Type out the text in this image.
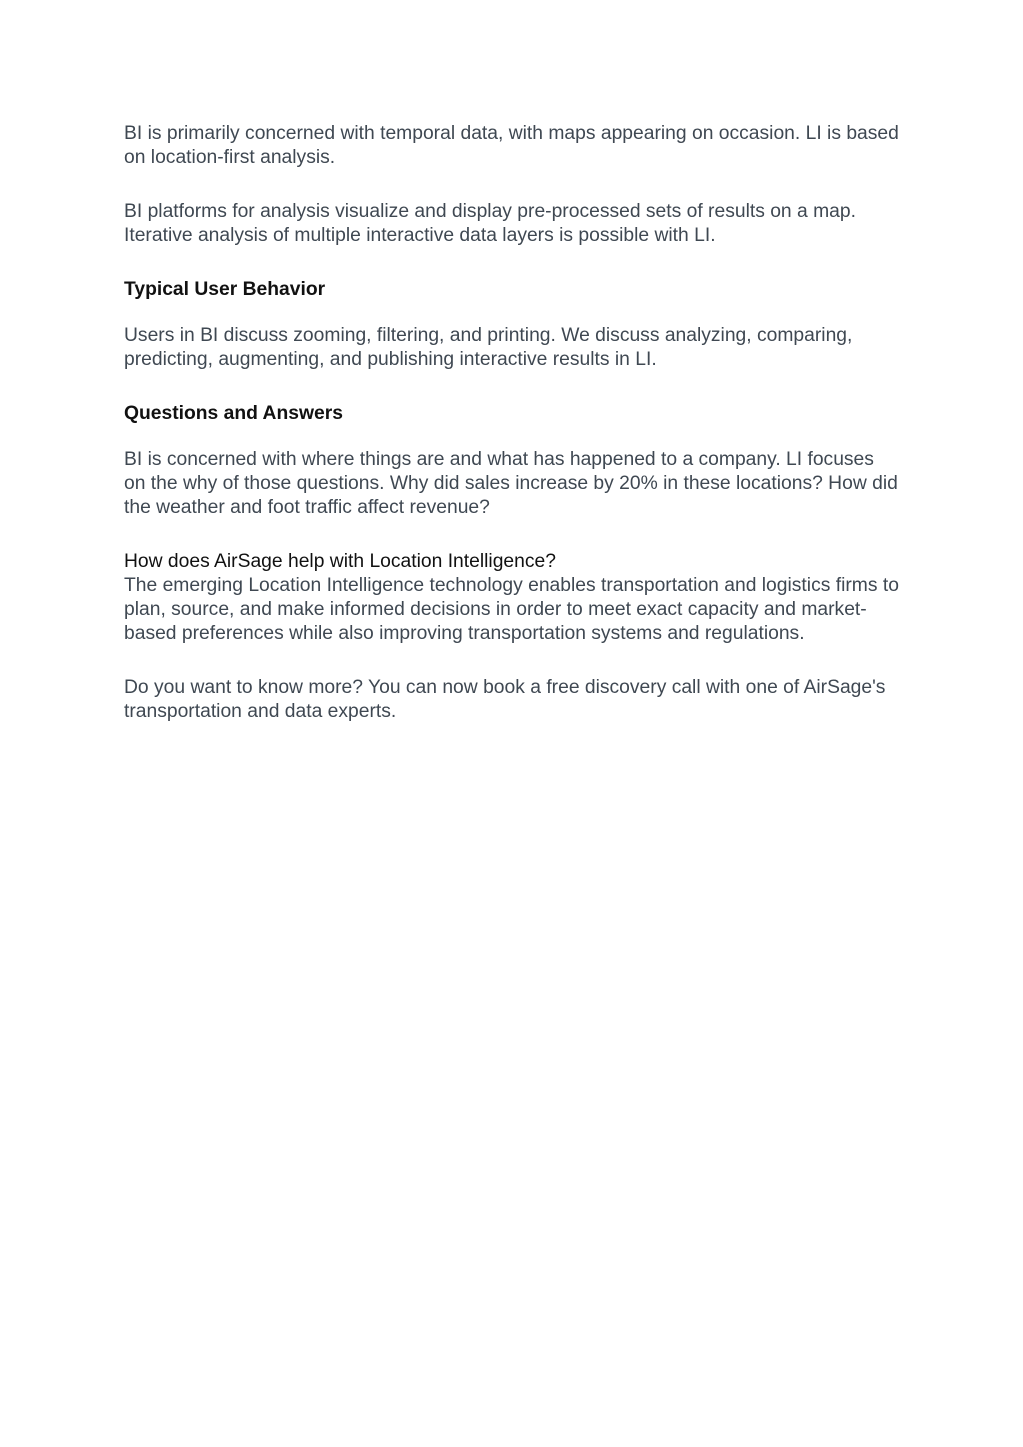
BI is primarily concerned with temporal data, with maps appearing on occasion. LI is based on location-first analysis.

BI platforms for analysis visualize and display pre-processed sets of results on a map. Iterative analysis of multiple interactive data layers is possible with LI.

Typical User Behavior

Users in BI discuss zooming, filtering, and printing. We discuss analyzing, comparing, predicting, augmenting, and publishing interactive results in LI.

Questions and Answers

BI is concerned with where things are and what has happened to a company. LI focuses on the why of those questions. Why did sales increase by 20% in these locations? How did the weather and foot traffic affect revenue?

How does AirSage help with Location Intelligence?

The emerging Location Intelligence technology enables transportation and logistics firms to plan, source, and make informed decisions in order to meet exact capacity and market-based preferences while also improving transportation systems and regulations.

Do you want to know more? You can now book a free discovery call with one of AirSage's transportation and data experts.
